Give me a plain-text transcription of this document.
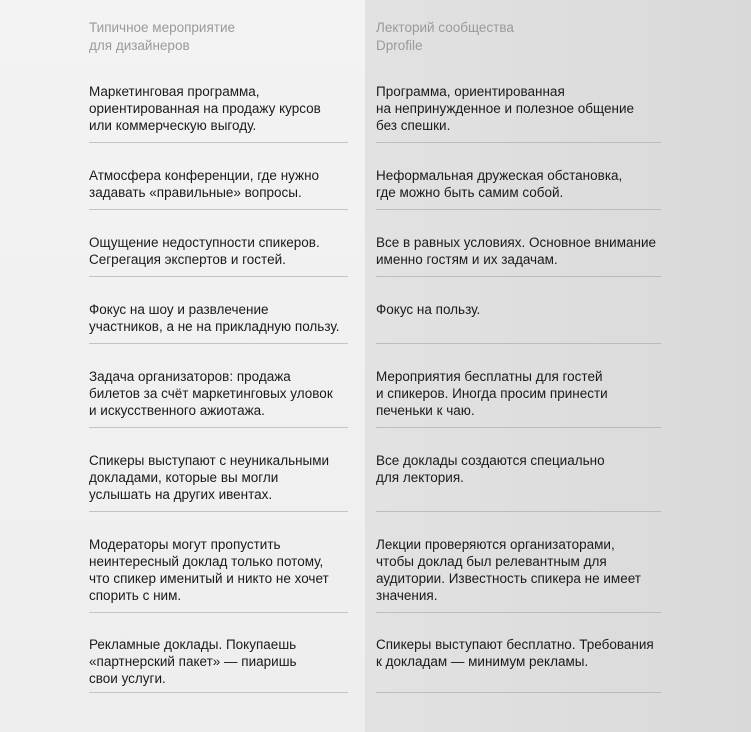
Типичное мероприятие
для дизайнеров
Маркетинговая программа,
ориентированная на продажу курсов
или коммерческую выгоду.
Атмосфера конференции, где нужно
задавать «правильные» вопросы.
Ощущение недоступности спикеров.
Сегрегация экспертов и гостей.
Фокус на шоу и развлечение
участников, а не на прикладную пользу.
Задача организаторов: продажа
билетов за счёт маркетинговых уловок
и искусственного ажиотажа.
Спикеры выступают с неуникальными
докладами, которые вы могли
услышать на других ивентах.
Модераторы могут пропустить
неинтересный доклад только потому,
что спикер именитый и никто не хочет
спорить с ним.
Рекламные доклады. Покупаешь
«партнерский пакет» — пиаришь
свои услуги.
Лекторий сообщества
Dprofile
Программа, ориентированная
на непринужденное и полезное общение
без спешки.
Неформальная дружеская обстановка,
где можно быть самим собой.
Все в равных условиях. Основное внимание
именно гостям и их задачам.
Фокус на пользу.
Мероприятия бесплатны для гостей
и спикеров. Иногда просим принести
печеньки к чаю.
Все доклады создаются специально
для лектория.
Лекции проверяются организаторами,
чтобы доклад был релевантным для
аудитории. Известность спикера не имеет
значения.
Спикеры выступают бесплатно. Требования
к докладам — минимум рекламы.
